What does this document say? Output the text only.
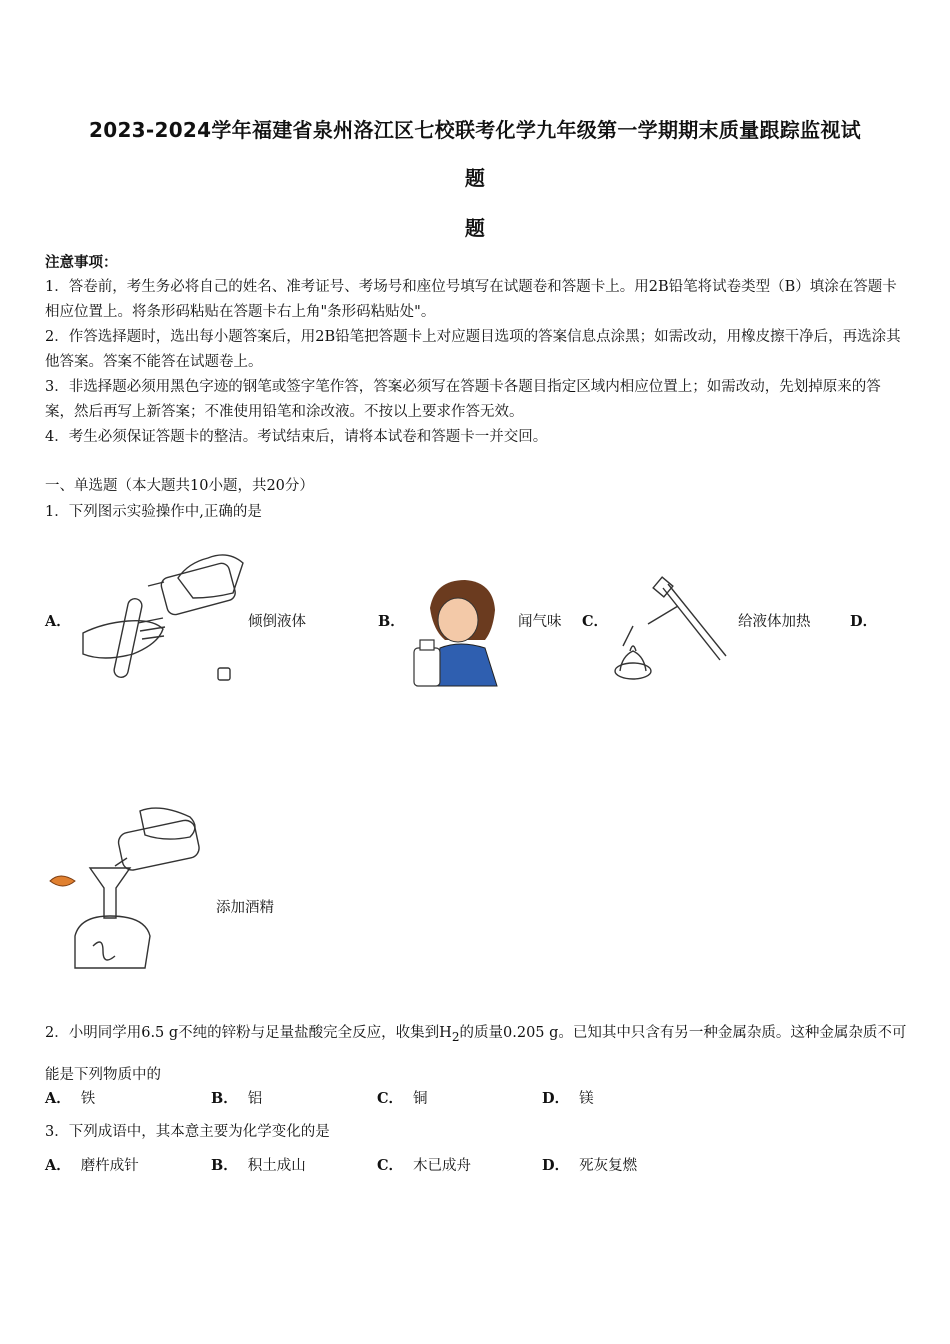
2023-2024学年福建省泉州洛江区七校联考化学九年级第一学期期末质量跟踪监视试
题
题

注意事项：

1．答卷前，考生务必将自己的姓名、准考证号、考场号和座位号填写在试题卷和答题卡上。用2B铅笔将试卷类型（B）填涂在答题卡相应位置上。将条形码粘贴在答题卡右上角"条形码粘贴处"。

2．作答选择题时，选出每小题答案后，用2B铅笔把答题卡上对应题目选项的答案信息点涂黑；如需改动，用橡皮擦干净后，再选涂其他答案。答案不能答在试题卷上。

3．非选择题必须用黑色字迹的钢笔或签字笔作答，答案必须写在答题卡各题目指定区域内相应位置上；如需改动，先划掉原来的答案，然后再写上新答案；不准使用铅笔和涂改液。不按以上要求作答无效。

4．考生必须保证答题卡的整洁。考试结束后，请将本试卷和答题卡一并交回。

一、单选题（本大题共10小题，共20分）
1．下列图示实验操作中,正确的是
A．	倾倒液体	B．	闻气味 C．	给液体加热	D．
添加酒精
2．小明同学用6.5 g不纯的锌粉与足量盐酸完全反应，收集到$H_2$的质量0.205 g。已知其中只含有另一种金属杂质。这种金属杂质不可能是下列物质中的
A． 铁	B． 铝	C． 铜	D． 镁
3．下列成语中，其本意主要为化学变化的是
A． 磨杵成针	B． 积土成山	C． 木已成舟	D． 死灰复燃
